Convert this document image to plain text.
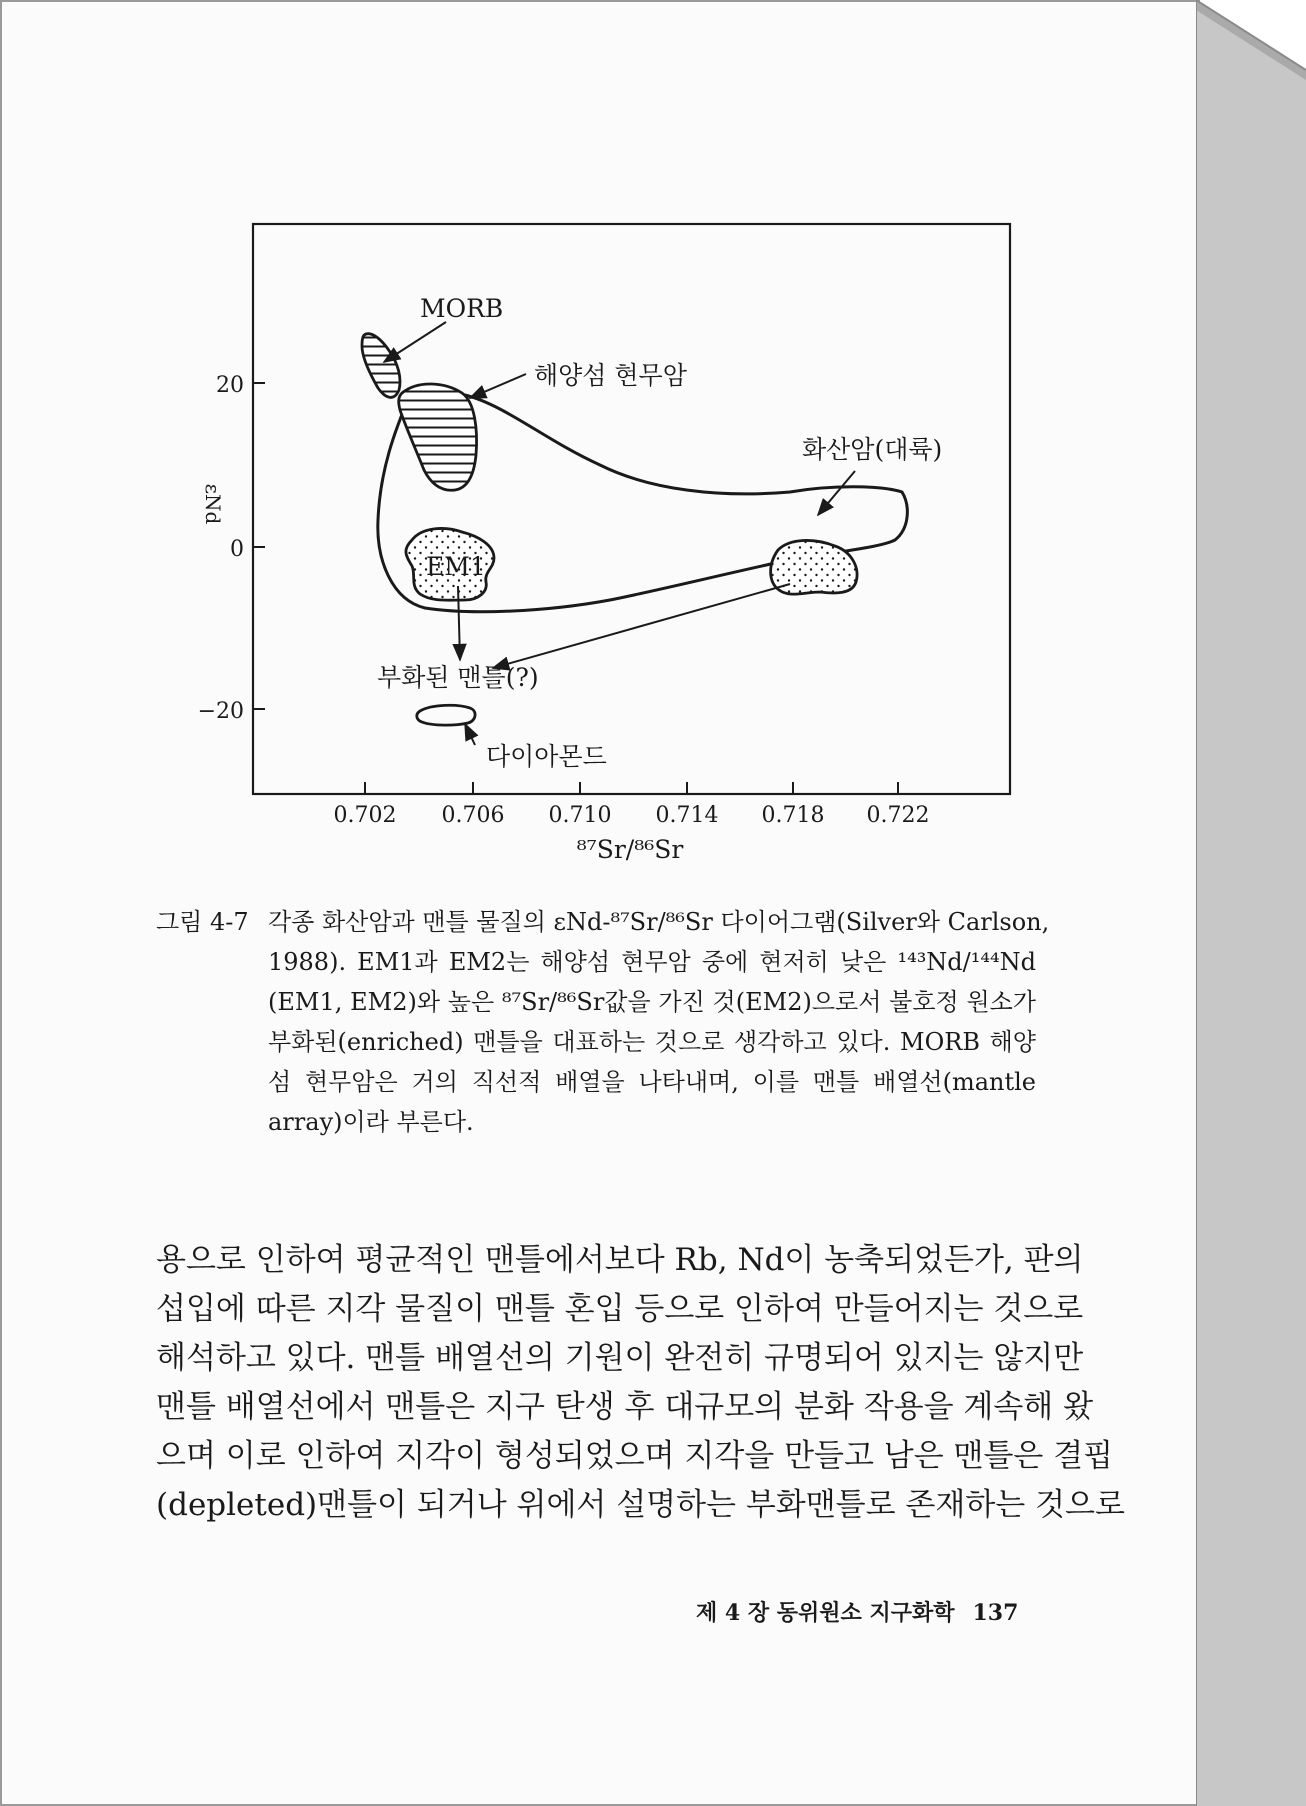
20
0
−20
0.702 0.706 0.710 0.714 0.718 0.722
⁸⁷Sr/⁸⁶Sr
εNd
MORB
해양섬 현무암
화산암(대륙)
EM1
부화된 맨틀(?)
다이아몬드
그림 4-7 각종 화산암과 맨틀 물질의 εNd-⁸⁷Sr/⁸⁶Sr 다이어그램(Silver와 Carlson,
1988). EM1과 EM2는 해양섬 현무암 중에 현저히 낮은 ¹⁴³Nd/¹⁴⁴Nd
(EM1, EM2)와 높은 ⁸⁷Sr/⁸⁶Sr값을 가진 것(EM2)으로서 불호정 원소가
부화된(enriched) 맨틀을 대표하는 것으로 생각하고 있다. MORB 해양
섬 현무암은 거의 직선적 배열을 나타내며, 이를 맨틀 배열선(mantle
array)이라 부른다.
용으로 인하여 평균적인 맨틀에서보다 Rb, Nd이 농축되었든가, 판의
섭입에 따른 지각 물질이 맨틀 혼입 등으로 인하여 만들어지는 것으로
해석하고 있다. 맨틀 배열선의 기원이 완전히 규명되어 있지는 않지만
맨틀 배열선에서 맨틀은 지구 탄생 후 대규모의 분화 작용을 계속해 왔
으며 이로 인하여 지각이 형성되었으며 지각을 만들고 남은 맨틀은 결핍
(depleted)맨틀이 되거나 위에서 설명하는 부화맨틀로 존재하는 것으로
제 4 장 동위원소 지구화학 137
